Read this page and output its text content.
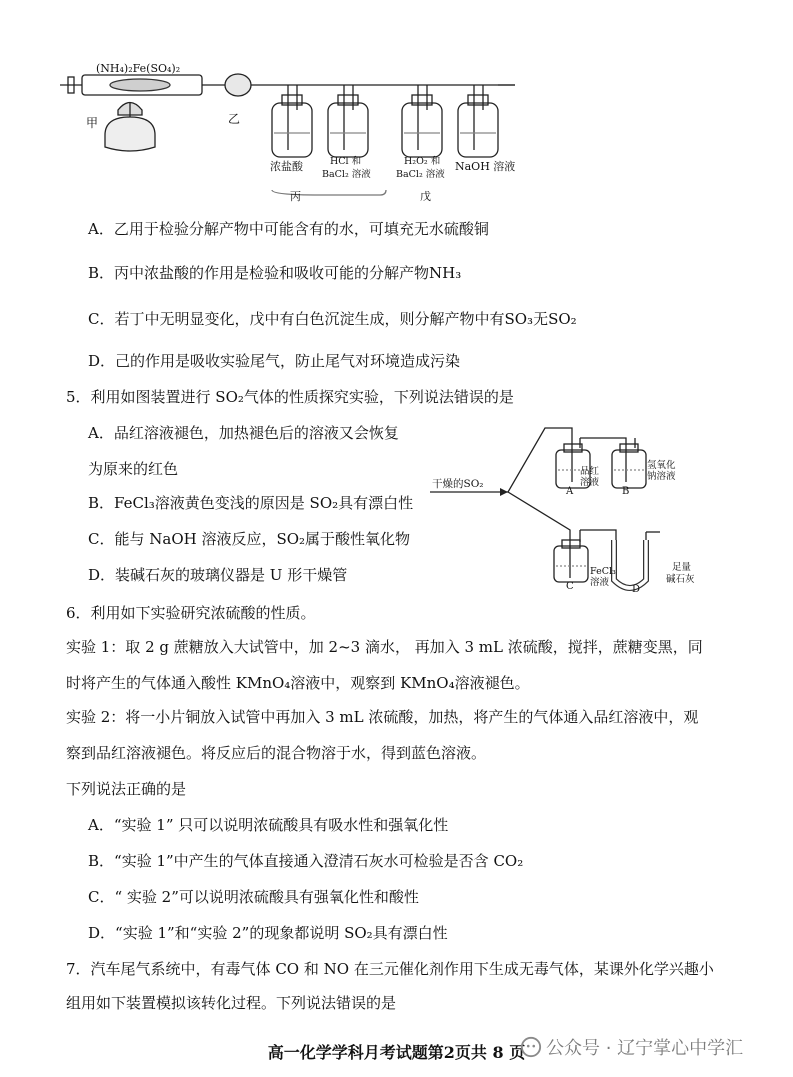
(NH₄)₂Fe(SO₄)₂
甲	乙
浓盐酸	HCl 和
BaCl₂ 溶液
丙
H₂O₂ 和
BaCl₂ 溶液
戊
NaOH 溶液
A．乙用于检验分解产物中可能含有的水，可填充无水硫酸铜
B．丙中浓盐酸的作用是检验和吸收可能的分解产物NH₃
C．若丁中无明显变化，戊中有白色沉淀生成，则分解产物中有SO₃无SO₂
D．己的作用是吸收实验尾气，防止尾气对环境造成污染
5．利用如图装置进行 SO₂气体的性质探究实验，下列说法错误的是
A．品红溶液褪色，加热褪色后的溶液又会恢复
为原来的红色
B．FeCl₃溶液黄色变浅的原因是 SO₂具有漂白性
C．能与 NaOH 溶液反应，SO₂属于酸性氧化物
D．装碱石灰的玻璃仪器是 U 形干燥管
干燥的SO₂
品红
溶液
A
氢氧化
钠溶液
B
FeCl₃
溶液
C	D
足量
碱石灰
6．利用如下实验研究浓硫酸的性质。
实验 1：取 2 g 蔗糖放入大试管中，加 2~3 滴水， 再加入 3 mL 浓硫酸，搅拌，蔗糖变黑，同
时将产生的气体通入酸性 KMnO₄溶液中，观察到 KMnO₄溶液褪色。
实验 2：将一小片铜放入试管中再加入 3 mL 浓硫酸，加热，将产生的气体通入品红溶液中，观
察到品红溶液褪色。将反应后的混合物溶于水，得到蓝色溶液。
下列说法正确的是
A．“实验 1” 只可以说明浓硫酸具有吸水性和强氧化性
B．“实验 1”中产生的气体直接通入澄清石灰水可检验是否含 CO₂
C．“ 实验 2”可以说明浓硫酸具有强氧化性和酸性
D．“实验 1”和“实验 2”的现象都说明 SO₂具有漂白性
7．汽车尾气系统中，有毒气体 CO 和 NO 在三元催化剂作用下生成无毒气体，某课外化学兴趣小
组用如下装置模拟该转化过程。下列说法错误的是
高一化学学科月考试题第2页共 8 页	公众号 · 辽宁掌心中学汇
